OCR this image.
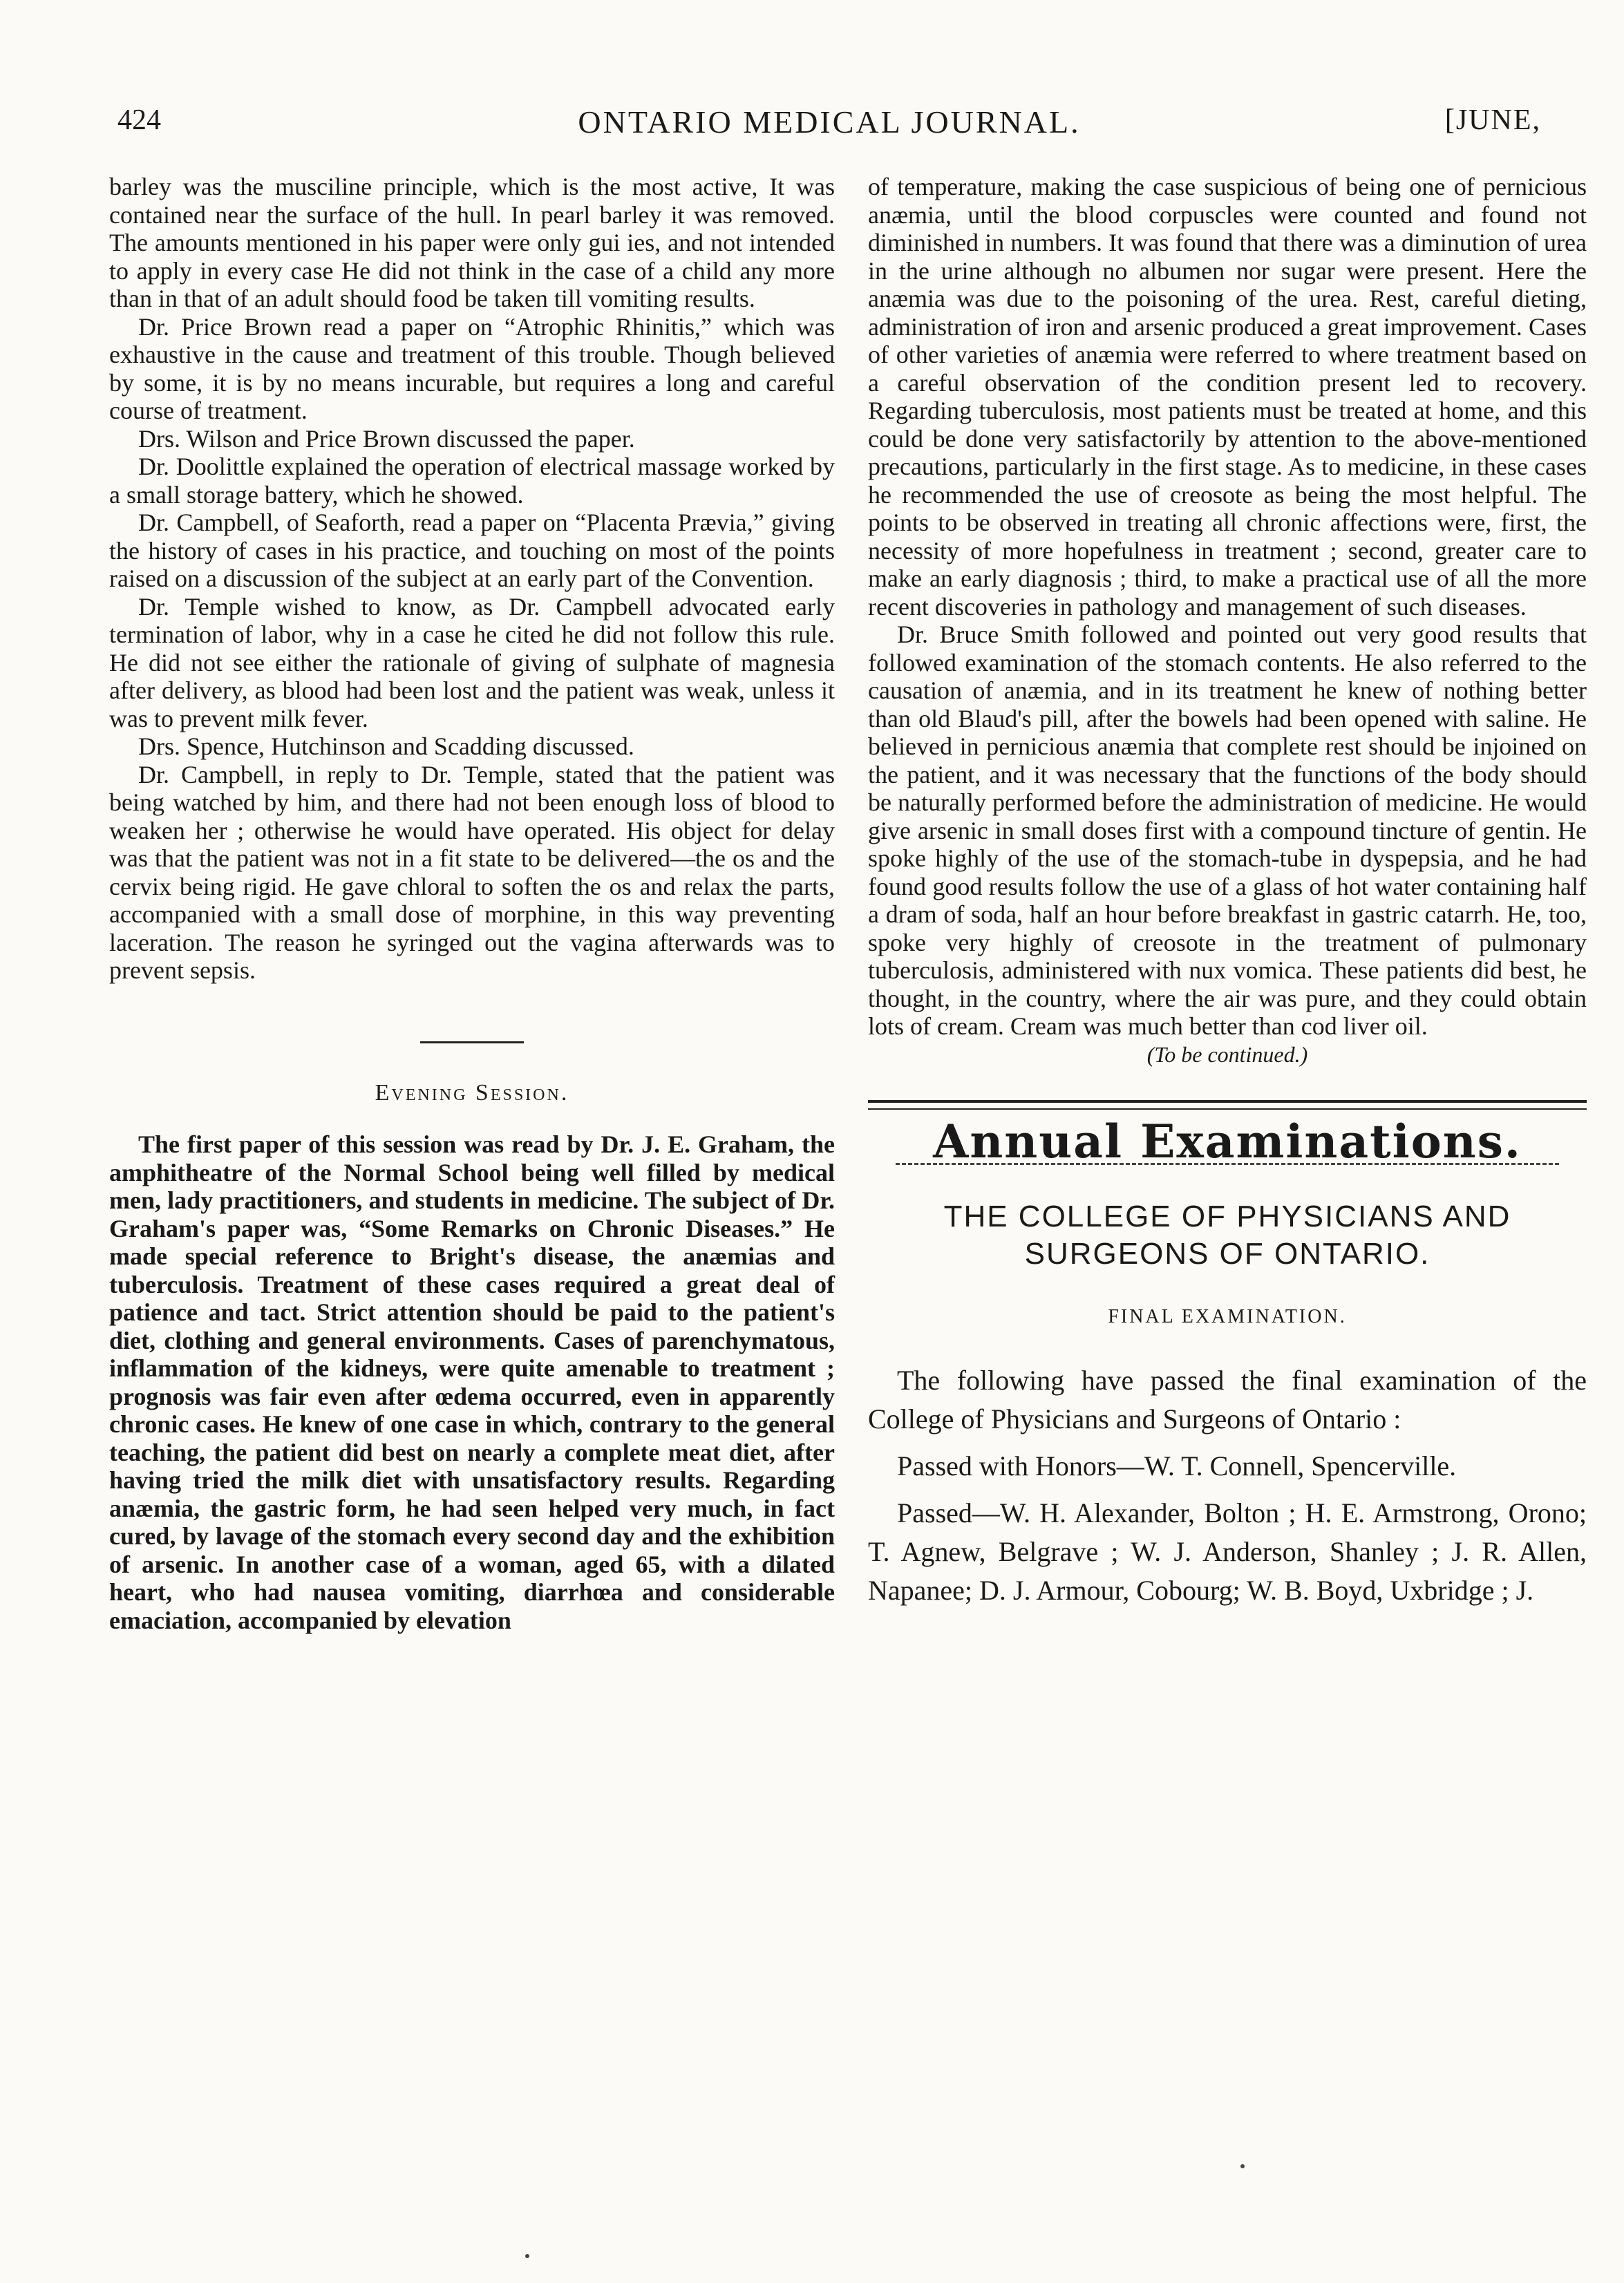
424	ONTARIO MEDICAL JOURNAL.	[JUNE,

barley was the musciline principle, which is the most active, It was contained near the surface of the hull. In pearl barley it was removed. The amounts mentioned in his paper were only gui ies, and not intended to apply in every case He did not think in the case of a child any more than in that of an adult should food be taken till vomiting results.

Dr. Price Brown read a paper on “Atrophic Rhinitis,” which was exhaustive in the cause and treatment of this trouble. Though believed by some, it is by no means incurable, but requires a long and careful course of treatment.

Drs. Wilson and Price Brown discussed the paper.

Dr. Doolittle explained the operation of electrical massage worked by a small storage battery, which he showed.

Dr. Campbell, of Seaforth, read a paper on “Placenta Prævia,” giving the history of cases in his practice, and touching on most of the points raised on a discussion of the subject at an early part of the Convention.

Dr. Temple wished to know, as Dr. Campbell advocated early termination of labor, why in a case he cited he did not follow this rule. He did not see either the rationale of giving of sulphate of magnesia after delivery, as blood had been lost and the patient was weak, unless it was to prevent milk fever.

Drs. Spence, Hutchinson and Scadding discussed.

Dr. Campbell, in reply to Dr. Temple, stated that the patient was being watched by him, and there had not been enough loss of blood to weaken her ; otherwise he would have operated. His object for delay was that the patient was not in a fit state to be delivered—the os and the cervix being rigid. He gave chloral to soften the os and relax the parts, accompanied with a small dose of morphine, in this way preventing laceration. The reason he syringed out the vagina afterwards was to prevent sepsis.

Evening Session.

The first paper of this session was read by Dr. J. E. Graham, the amphitheatre of the Normal School being well filled by medical men, lady practitioners, and students in medicine. The subject of Dr. Graham's paper was, “Some Remarks on Chronic Diseases.” He made special reference to Bright's disease, the anæmias and tuberculosis. Treatment of these cases required a great deal of patience and tact. Strict attention should be paid to the patient's diet, clothing and general environments. Cases of parenchymatous, inflammation of the kidneys, were quite amenable to treatment ; prognosis was fair even after œdema occurred, even in apparently chronic cases. He knew of one case in which, contrary to the general teaching, the patient did best on nearly a complete meat diet, after having tried the milk diet with unsatisfactory results. Regarding anæmia, the gastric form, he had seen helped very much, in fact cured, by lavage of the stomach every second day and the exhibition of arsenic. In another case of a woman, aged 65, with a dilated heart, who had nausea vomiting, diarrhœa and considerable emaciation, accompanied by elevation

of temperature, making the case suspicious of being one of pernicious anæmia, until the blood corpuscles were counted and found not diminished in numbers. It was found that there was a diminution of urea in the urine although no albumen nor sugar were present. Here the anæmia was due to the poisoning of the urea. Rest, careful dieting, administration of iron and arsenic produced a great improvement. Cases of other varieties of anæmia were referred to where treatment based on a careful observation of the condition present led to recovery. Regarding tuberculosis, most patients must be treated at home, and this could be done very satisfactorily by attention to the above-mentioned precautions, particularly in the first stage. As to medicine, in these cases he recommended the use of creosote as being the most helpful. The points to be observed in treating all chronic affections were, first, the necessity of more hopefulness in treatment ; second, greater care to make an early diagnosis ; third, to make a practical use of all the more recent discoveries in pathology and management of such diseases.

Dr. Bruce Smith followed and pointed out very good results that followed examination of the stomach contents. He also referred to the causation of anæmia, and in its treatment he knew of nothing better than old Blaud's pill, after the bowels had been opened with saline. He believed in pernicious anæmia that complete rest should be injoined on the patient, and it was necessary that the functions of the body should be naturally performed before the administration of medicine. He would give arsenic in small doses first with a compound tincture of gentin. He spoke highly of the use of the stomach-tube in dyspepsia, and he had found good results follow the use of a glass of hot water containing half a dram of soda, half an hour before breakfast in gastric catarrh. He, too, spoke very highly of creosote in the treatment of pulmonary tuberculosis, administered with nux vomica. These patients did best, he thought, in the country, where the air was pure, and they could obtain lots of cream. Cream was much better than cod liver oil.

(To be continued.)

Annual Examinations.
THE COLLEGE OF PHYSICIANS AND SURGEONS OF ONTARIO.
FINAL EXAMINATION.

The following have passed the final examination of the College of Physicians and Surgeons of Ontario :

Passed with Honors—W. T. Connell, Spencerville.

Passed—W. H. Alexander, Bolton ; H. E. Armstrong, Orono; T. Agnew, Belgrave ; W. J. Anderson, Shanley ; J. R. Allen, Napanee; D. J. Armour, Cobourg; W. B. Boyd, Uxbridge ; J.
